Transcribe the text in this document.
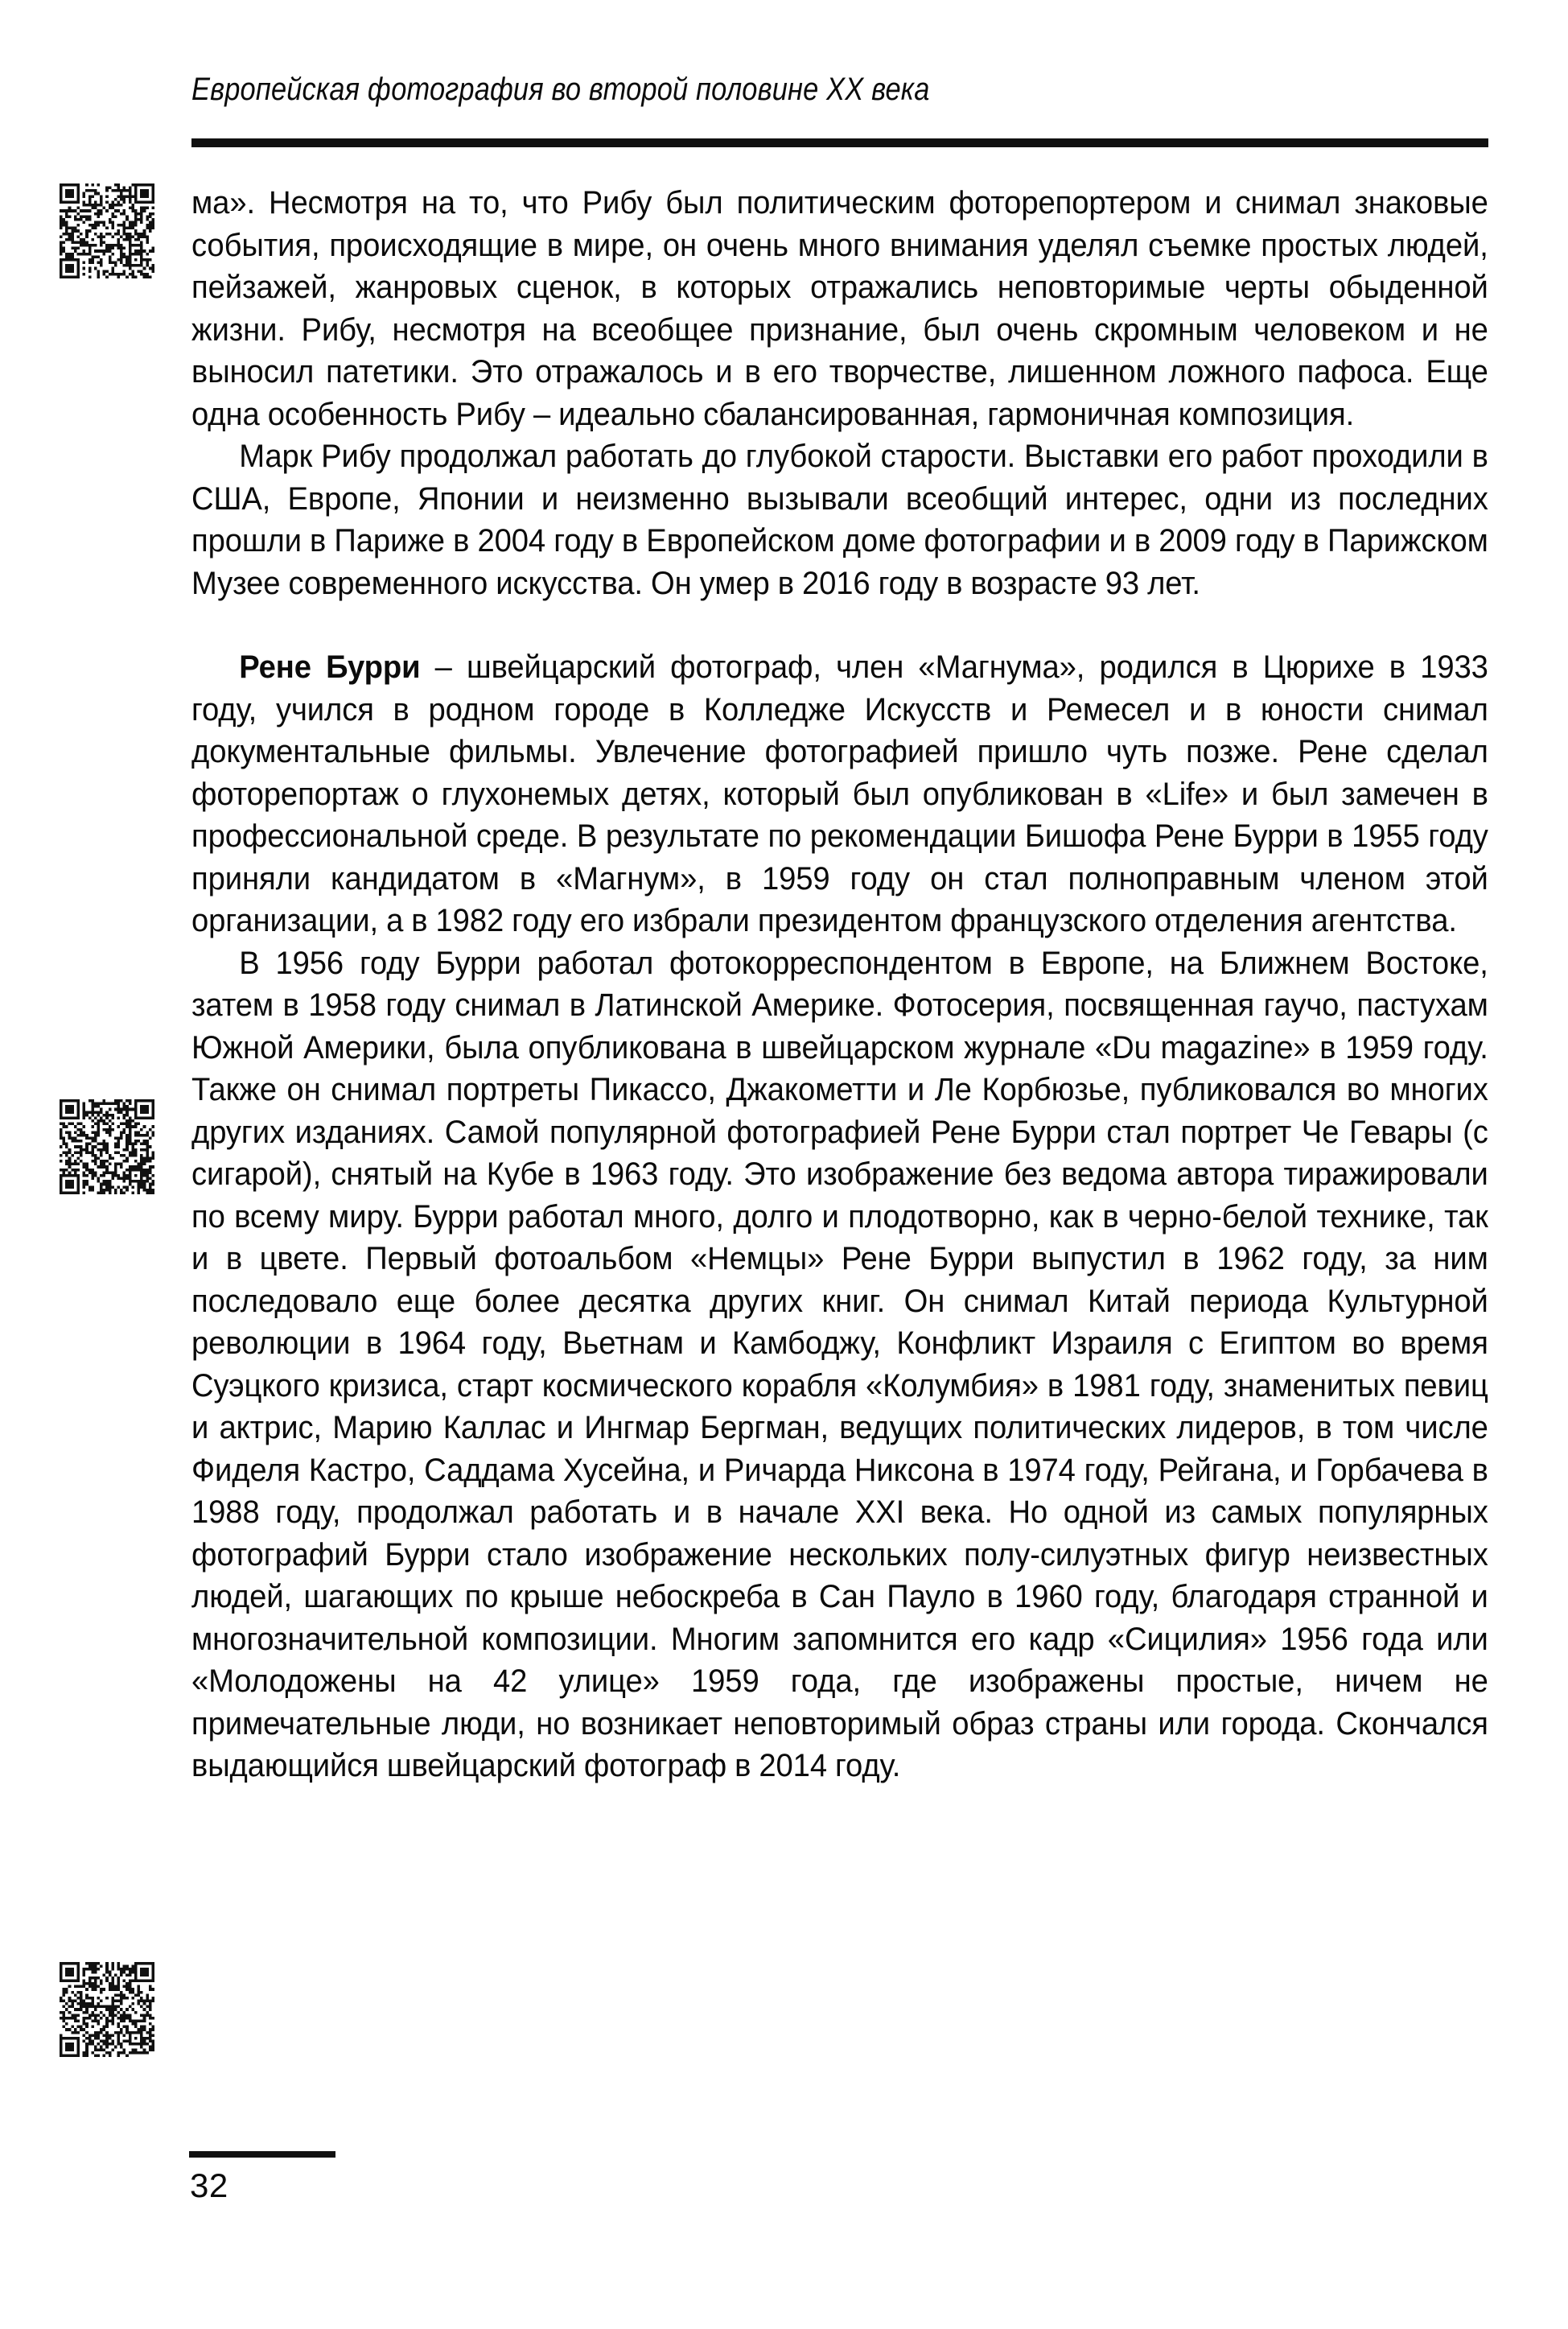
Европейская фотография во второй половине ХХ века

ма». Несмотря на то, что Рибу был политическим фоторепортером и снимал знаковые события, происходящие в мире, он очень много внимания уделял съемке простых людей, пейзажей, жанровых сценок, в которых отражались неповторимые черты обыденной жизни. Рибу, несмотря на всеобщее признание, был очень скромным человеком и не выносил патетики. Это отражалось и в его творчестве, лишенном ложного пафоса. Еще одна особенность Рибу – идеально сбалансированная, гармоничная композиция.

Марк Рибу продолжал работать до глубокой старости. Выставки его работ проходили в США, Европе, Японии и неизменно вызывали всеобщий интерес, одни из последних прошли в Париже в 2004 году в Европейском доме фотографии и в 2009 году в Парижском Музее современного искусства. Он умер в 2016 году в возрасте 93 лет.

Рене Бурри – швейцарский фотограф, член «Магнума», родился в Цюрихе в 1933 году, учился в родном городе в Колледже Искусств и Ремесел и в юности снимал документальные фильмы. Увлечение фотографией пришло чуть позже. Рене сделал фоторепортаж о глухонемых детях, который был опубликован в «Life» и был замечен в профессиональной среде. В результате по рекомендации Бишофа Рене Бурри в 1955 году приняли кандидатом в «Магнум», в 1959 году он стал полноправным членом этой организации, а в 1982 году его избрали президентом французского отделения агентства.

В 1956 году Бурри работал фотокорреспондентом в Европе, на Ближнем Востоке, затем в 1958 году снимал в Латинской Америке. Фотосерия, посвященная гаучо, пастухам Южной Америки, была опубликована в швейцарском журнале «Du magazine» в 1959 году. Также он снимал портреты Пикассо, Джакометти и Ле Корбюзье, публиковался во многих других изданиях. Самой популярной фотографией Рене Бурри стал портрет Че Гевары (с сигарой), снятый на Кубе в 1963 году. Это изображение без ведома автора тиражировали по всему миру. Бурри работал много, долго и плодотворно, как в черно-белой технике, так и в цвете. Первый фотоальбом «Немцы» Рене Бурри выпустил в 1962 году, за ним последовало еще более десятка других книг. Он снимал Китай периода Культурной революции в 1964 году, Вьетнам и Камбоджу, Конфликт Израиля с Египтом во время Суэцкого кризиса, старт космического корабля «Колумбия» в 1981 году, знаменитых певиц и актрис, Марию Каллас и Ингмар Бергман, ведущих политических лидеров, в том числе Фиделя Кастро, Саддама Хусейна, и Ричарда Никсона в 1974 году, Рейгана, и Горбачева в 1988 году, продолжал работать и в начале XXI века. Но одной из самых популярных фотографий Бурри стало изображение нескольких полу-силуэтных фигур неизвестных людей, шагающих по крыше небоскреба в Сан Пауло в 1960 году, благодаря странной и многозначительной композиции. Многим запомнится его кадр «Сицилия» 1956 года или «Молодожены на 42 улице» 1959 года, где изображены простые, ничем не примечательные люди, но возникает неповторимый образ страны или города. Скончался выдающийся швейцарский фотограф в 2014 году.

32
